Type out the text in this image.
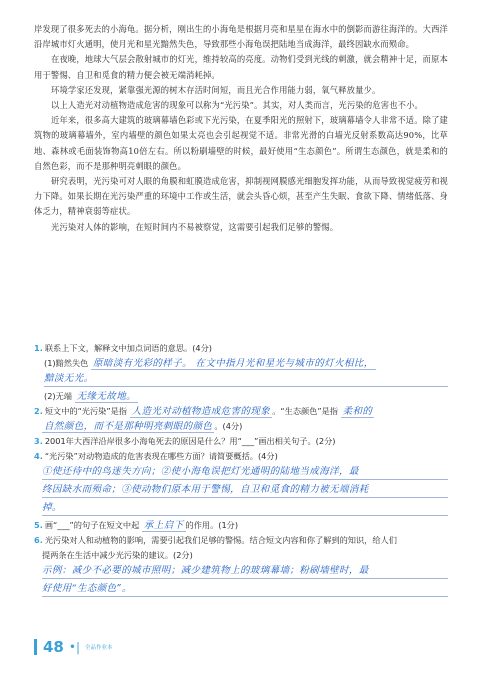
岸发现了很多死去的小海龟。据分析，刚出生的小海龟是根据月亮和星星在海水中的倒影而游往海洋的。大西洋沿岸城市灯火通明，使月光和星光黯然失色，导致那些小海龟误把陆地当成海洋，最终因缺水而殒命。

在夜晚，地球大气层会散射城市的灯光，维持较高的亮度。动物们受到光线的刺激，就会精神十足，而原本用于警惕、自卫和觅食的精力便会被无端消耗掉。

环境学家还发现，紧靠强光源的树木存活时间短，而且光合作用能力弱，氧气释放量少。

以上人造光对动植物造成危害的现象可以称为“光污染”。其实，对人类而言，光污染的危害也不小。

近年来，很多高大建筑的玻璃幕墙色彩或下光污染，在夏季阳光的照射下，玻璃幕墙令人非常不适。除了建筑物的玻璃幕墙外，室内墙壁的颜色如果太亮也会引起视觉不适。非常光滑的白墙光反射系数高达90%，比草地、森林或毛面装饰物高10倍左右。所以粉刷墙壁的时候，最好使用“生态颜色”。所谓生态颜色，就是柔和的自然色彩，而不是那种明亮刺眼的颜色。

研究表明，光污染可对人眼的角膜和虹膜造成危害，抑制视网膜感光细胞发挥功能，从而导致视觉疲劳和视力下降。如果长期在光污染严重的环境中工作或生活，就会头昏心烦，甚至产生失眠、食欲下降、情绪低落、身体乏力，精神衰弱等症状。

光污染对人体的影响，在短时间内不易被察觉，这需要引起我们足够的警惕。

1. 联系上下文，解释文中加点词语的意思。(4分)

(1)黯然失色 原暗淡有光彩的样子。 在文中指月光和星光与城市的灯火相比，

黯淡无光。

(2)无端 无缘无故地。

2. 短文中的“光污染”是指 人造光对动植物造成危害的现象 。“生态颜色”是指 柔和的

自然颜色，而不是那种明亮刺眼的颜色 。(4分)

3. 2001年大西洋沿岸很多小海龟死去的原因是什么？用“___”画出相关句子。(2分)

4. “光污染”对动物造成的危害表现在哪些方面？请简要概括。(4分)

①使还待中的鸟迷失方向；②使小海龟误把灯光通明的陆地当成海洋，最
终因缺水而殒命；③使动物们原本用于警惕，自卫和觅食的精力被无端消耗
掉。

5. 画“___”的句子在短文中起 承上启下 的作用。(1分)

6. 光污染对人和动植物的影响，需要引起我们足够的警惕。结合短文内容和你了解到的知识，给人们

提两条在生活中减少光污染的建议。(2分)

示例：减少不必要的城市照明；减少建筑物上的玻璃幕墙；粉刷墙壁时，最
好使用“生态颜色”。

48 •| 全品作业本
